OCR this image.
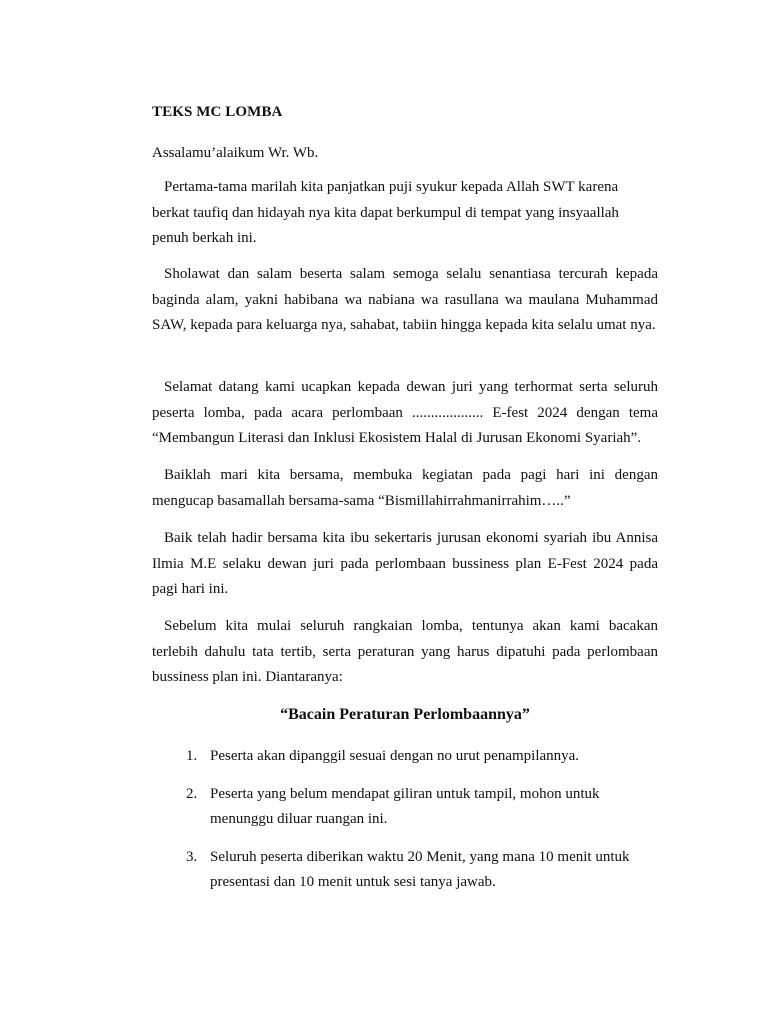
TEKS MC LOMBA
Assalamu’alaikum Wr. Wb.

Pertama-tama marilah kita panjatkan puji syukur kepada Allah SWT karena berkat taufiq dan hidayah nya kita dapat berkumpul di tempat yang insyaallah penuh berkah ini.

Sholawat dan salam beserta salam semoga selalu senantiasa tercurah kepada baginda alam, yakni habibana wa nabiana wa rasullana wa maulana Muhammad SAW, kepada para keluarga nya, sahabat, tabiin hingga kepada kita selalu umat nya.

Selamat datang kami ucapkan kepada dewan juri yang terhormat serta seluruh peserta lomba, pada acara perlombaan ................... E-fest 2024 dengan tema “Membangun Literasi dan Inklusi Ekosistem Halal di Jurusan Ekonomi Syariah”.

Baiklah mari kita bersama, membuka kegiatan pada pagi hari ini dengan mengucap basamallah bersama-sama “Bismillahirrahmanirrahim…..”

Baik telah hadir bersama kita ibu sekertaris jurusan ekonomi syariah ibu Annisa Ilmia M.E selaku dewan juri pada perlombaan bussiness plan E-Fest 2024 pada pagi hari ini.

Sebelum kita mulai seluruh rangkaian lomba, tentunya akan kami bacakan terlebih dahulu tata tertib, serta peraturan yang harus dipatuhi pada perlombaan bussiness plan ini. Diantaranya:

“Bacain Peraturan Perlombaannya”
1. Peserta akan dipanggil sesuai dengan no urut penampilannya.
2. Peserta yang belum mendapat giliran untuk tampil, mohon untuk menunggu diluar ruangan ini.
3. Seluruh peserta diberikan waktu 20 Menit, yang mana 10 menit untuk presentasi dan 10 menit untuk sesi tanya jawab.
